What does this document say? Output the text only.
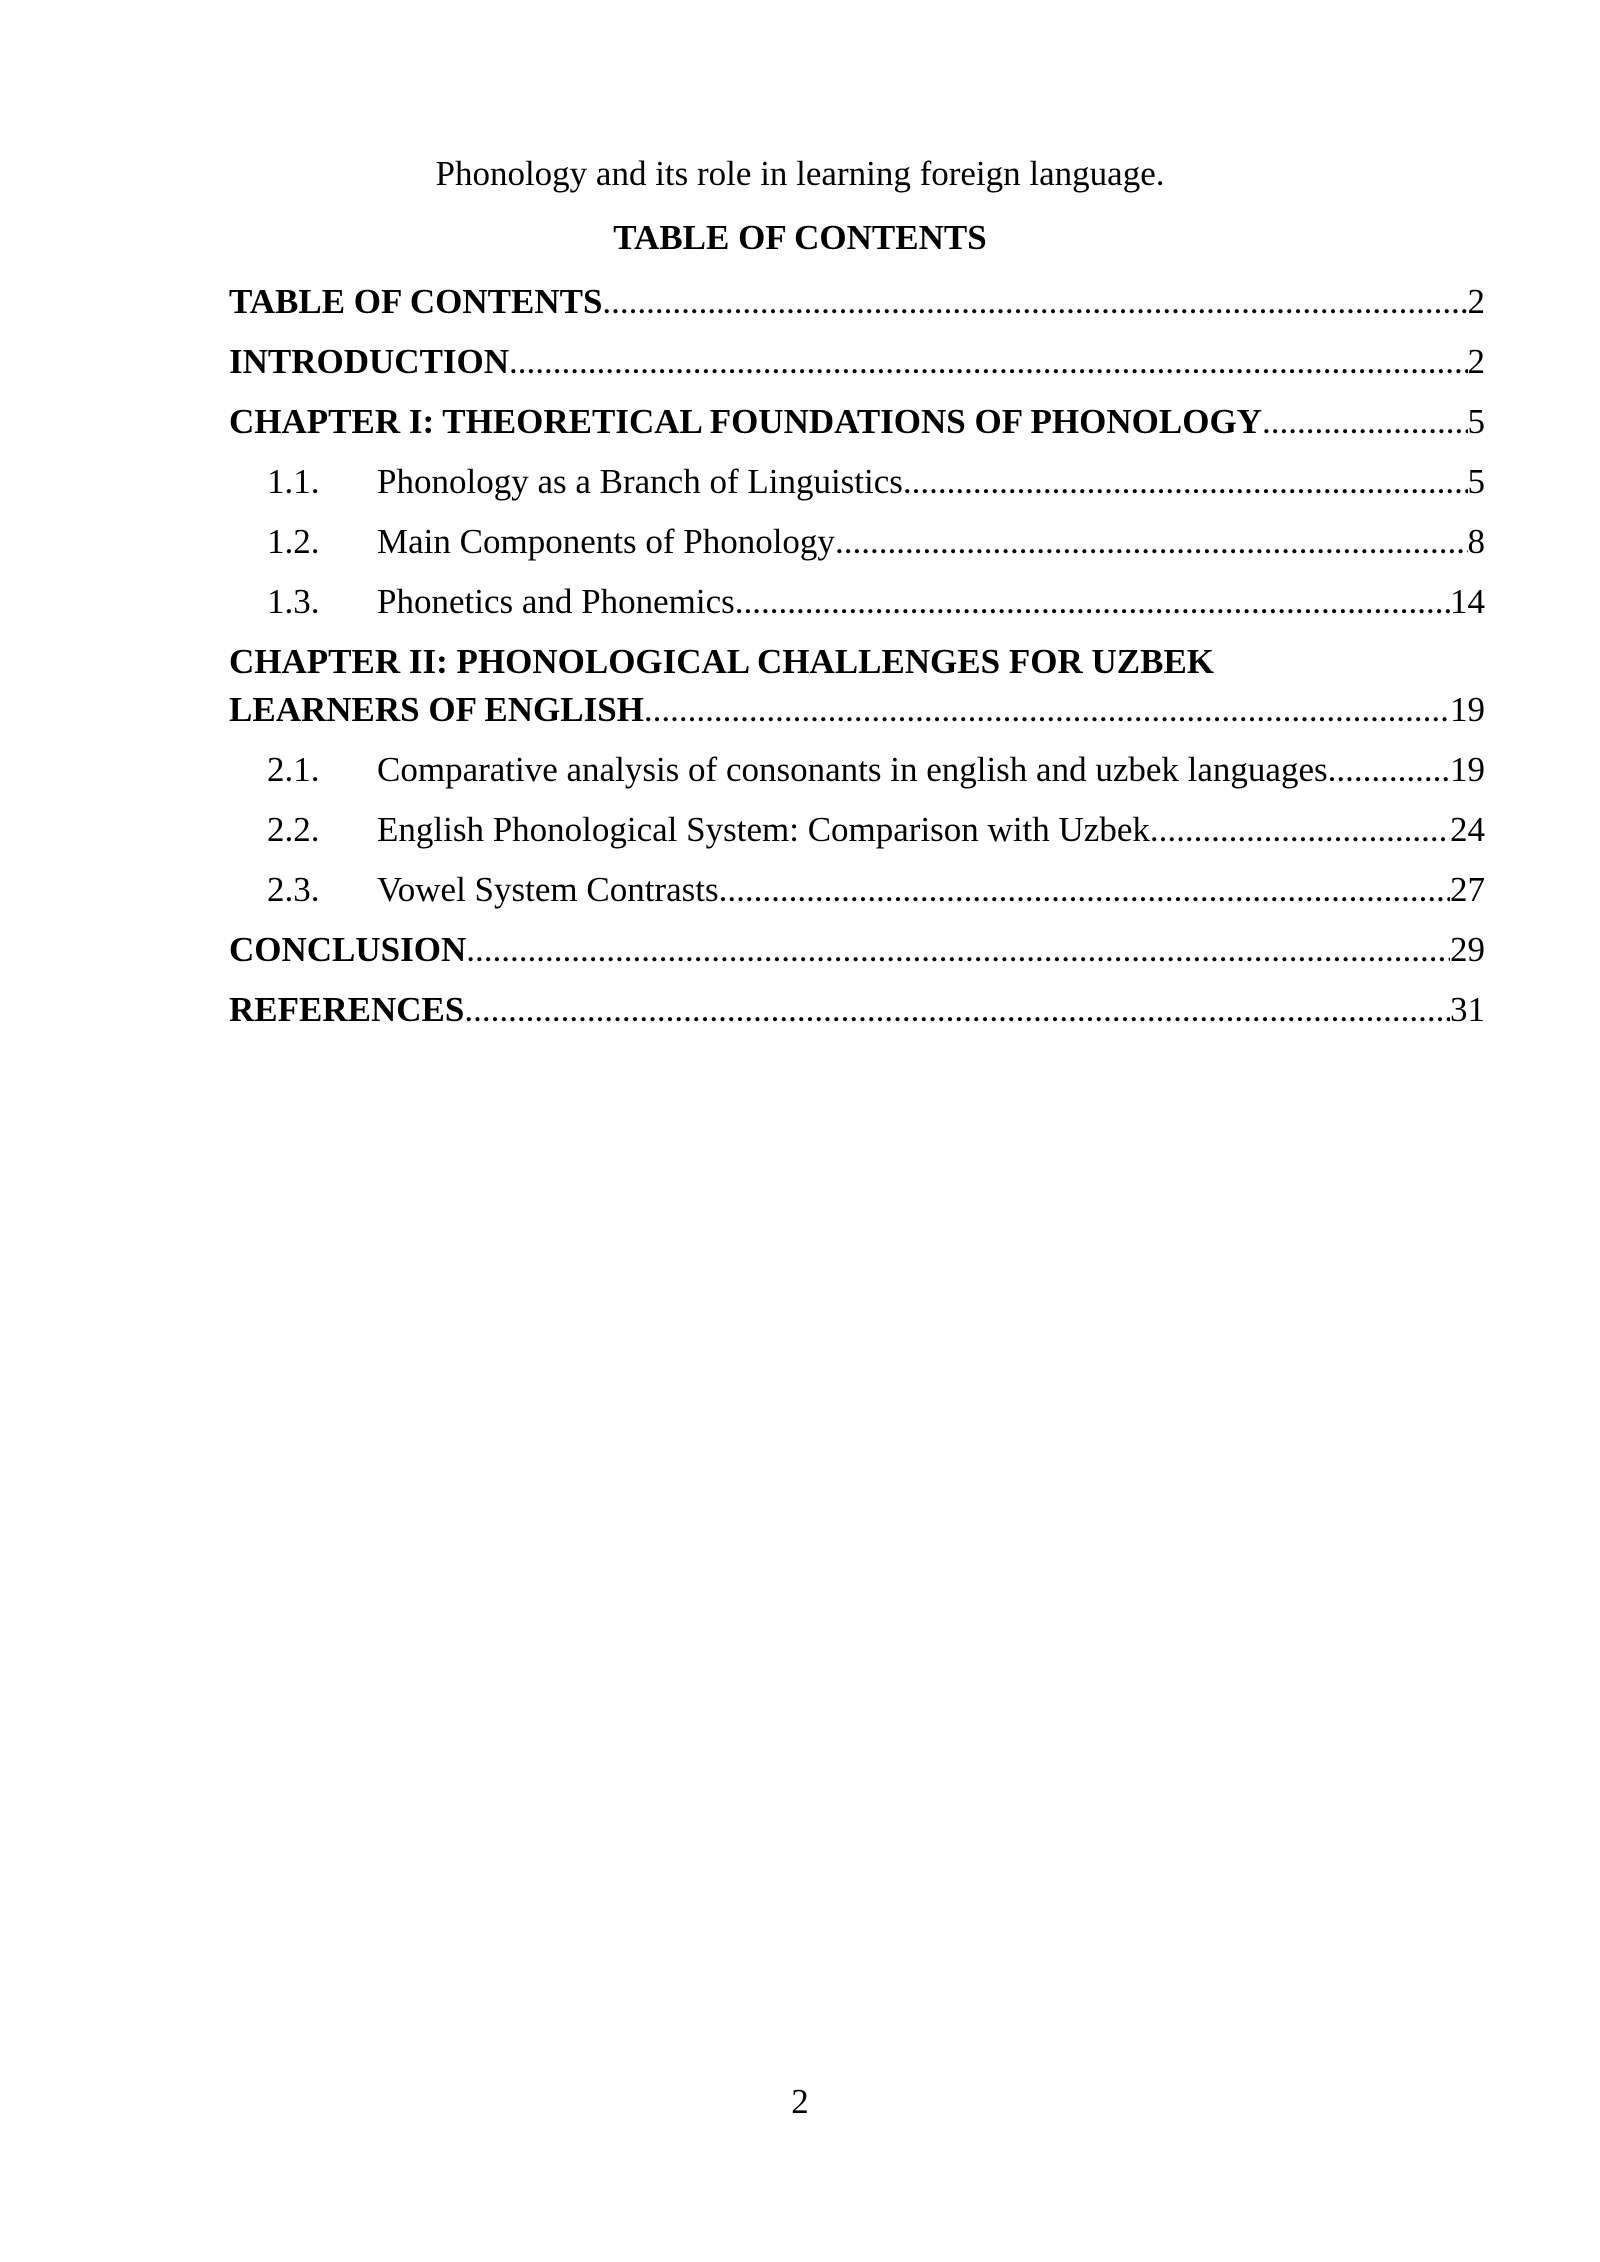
Phonology and its role in learning foreign language.
TABLE OF CONTENTS
TABLE OF CONTENTS .....	2
INTRODUCTION .....	2
CHAPTER I: THEORETICAL FOUNDATIONS OF PHONOLOGY .....	5
1.1.	Phonology as a Branch of Linguistics .....	5
1.2.	Main Components of Phonology .....	8
1.3.	Phonetics and Phonemics .....	14
CHAPTER II: PHONOLOGICAL CHALLENGES FOR UZBEK
LEARNERS OF ENGLISH .....	19
2.1.	Comparative analysis of consonants in english and uzbek languages .....	19
2.2.	English Phonological System: Comparison with Uzbek .....	24
2.3.	Vowel System Contrasts .....	27
CONCLUSION .....	29
REFERENCES .....	31
2
